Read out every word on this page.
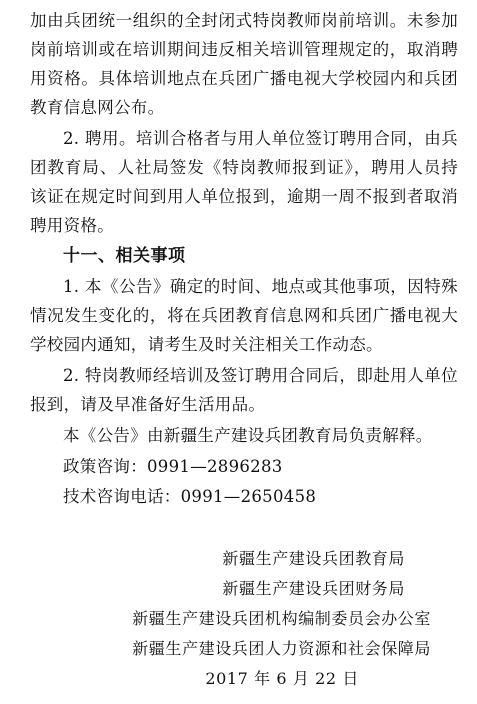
加由兵团统一组织的全封闭式特岗教师岗前培训。未参加岗前培训或在培训期间违反相关培训管理规定的，取消聘用资格。具体培训地点在兵团广播电视大学校园内和兵团教育信息网公布。

2. 聘用。培训合格者与用人单位签订聘用合同，由兵团教育局、人社局签发《特岗教师报到证》，聘用人员持该证在规定时间到用人单位报到，逾期一周不报到者取消聘用资格。

十一、相关事项

1. 本《公告》确定的时间、地点或其他事项，因特殊情况发生变化的，将在兵团教育信息网和兵团广播电视大学校园内通知，请考生及时关注相关工作动态。

2. 特岗教师经培训及签订聘用合同后，即赴用人单位报到，请及早准备好生活用品。

本《公告》由新疆生产建设兵团教育局负责解释。

政策咨询：0991—2896283

技术咨询电话：0991—2650458

新疆生产建设兵团教育局
新疆生产建设兵团财务局
新疆生产建设兵团机构编制委员会办公室
新疆生产建设兵团人力资源和社会保障局
2017 年 6 月 22 日
